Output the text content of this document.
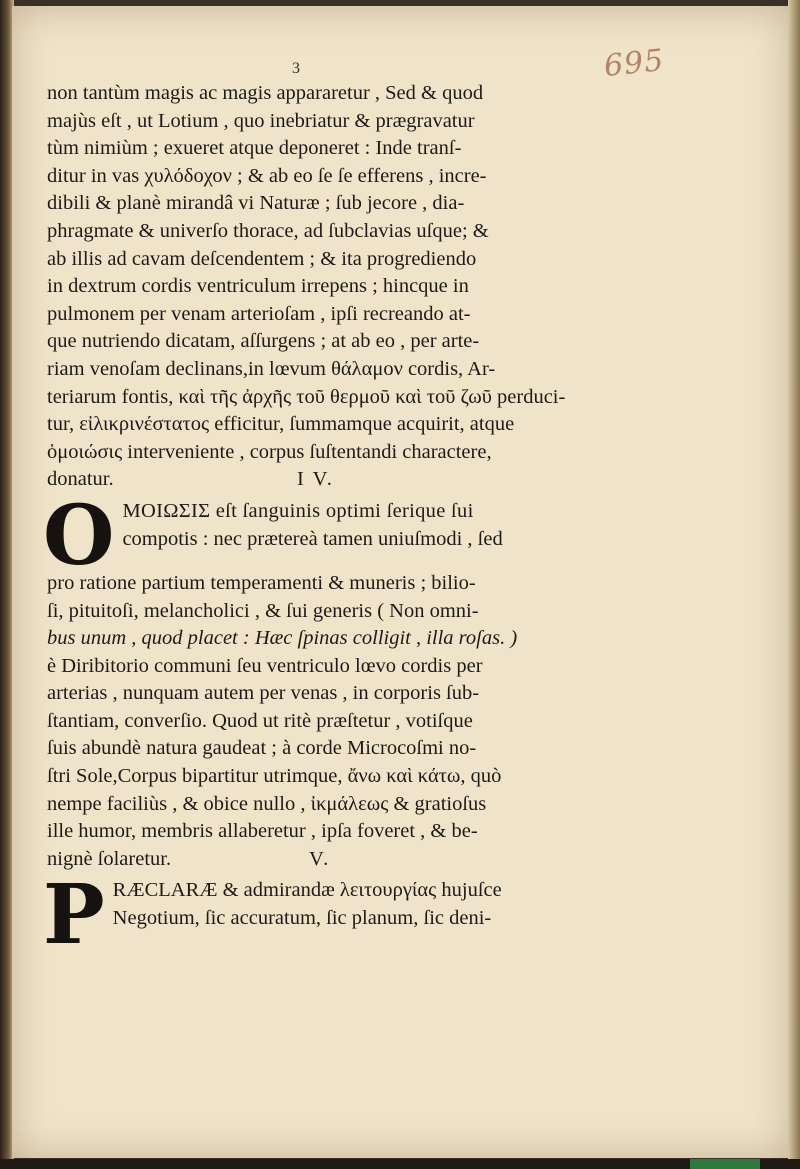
695
3
non tantùm magis ac magis appararetur , Sed & quod
majùs eſt , ut Lotium , quo inebriatur & prægravatur
tùm nimiùm ; exueret atque deponeret : Inde tranſ-
ditur in vas χυλόδοχον ; & ab eo ſe ſe efferens , incre-
dibili & planè mirandâ vi Naturæ ; ſub jecore , dia-
phragmate & univerſo thorace, ad ſubclavias uſque; &
ab illis ad cavam deſcendentem ; & ita progrediendo
in dextrum cordis ventriculum irrepens ; hincque in
pulmonem per venam arterioſam , ipſi recreando at-
que nutriendo dicatam, aſſurgens ; at ab eo , per arte-
riam venoſam declinans,in lœvum θάλαμον cordis, Ar-
teriarum fontis, καὶ τῆς ἀρχῆς τοῦ θερμοῦ καὶ τοῦ ζωῦ perduci-
tur, εἰλικρινέστατος efficitur, ſummamque acquirit, atque
ὁμοιώσις interveniente , corpus ſuſtentandi charactere,
donatur.	I V.
O MOIΩΣIΣ eſt ſanguinis optimi ſerique ſui
compotis : nec prætereà tamen uniuſmodi , ſed
pro ratione partium temperamenti & muneris ; bilio-
ſi, pituitoſi, melancholici , & ſui generis ( Non omni-
bus unum , quod placet : Hæc ſpinas colligit , illa roſas. )
è Diribitorio communi ſeu ventriculo lœvo cordis per
arterias , nunquam autem per venas , in corporis ſub-
ſtantiam, converſio. Quod ut ritè præſtetur , votiſque
ſuis abundè natura gaudeat ; à corde Microcoſmi no-
ſtri Sole,Corpus bipartitur utrimque, ἄνω καὶ κάτω, quò
nempe faciliùs , & obice nullo , ἰκμάλεως & gratioſus
ille humor, membris allaberetur , ipſa foveret , & be-
nignè ſolaretur.	V.
P RÆCLARÆ & admirandæ λειτουργίας hujuſce
Negotium, ſic accuratum, ſic planum, ſic deni-
